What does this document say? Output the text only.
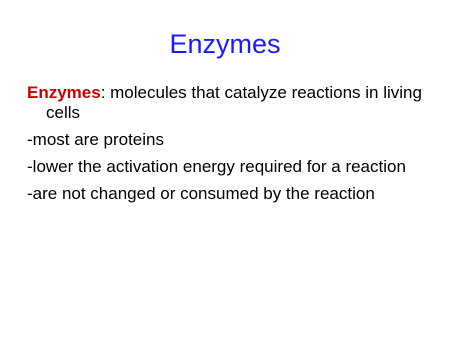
Enzymes

Enzymes: molecules that catalyze reactions in living cells

-most are proteins

-lower the activation energy required for a reaction

-are not changed or consumed by the reaction
